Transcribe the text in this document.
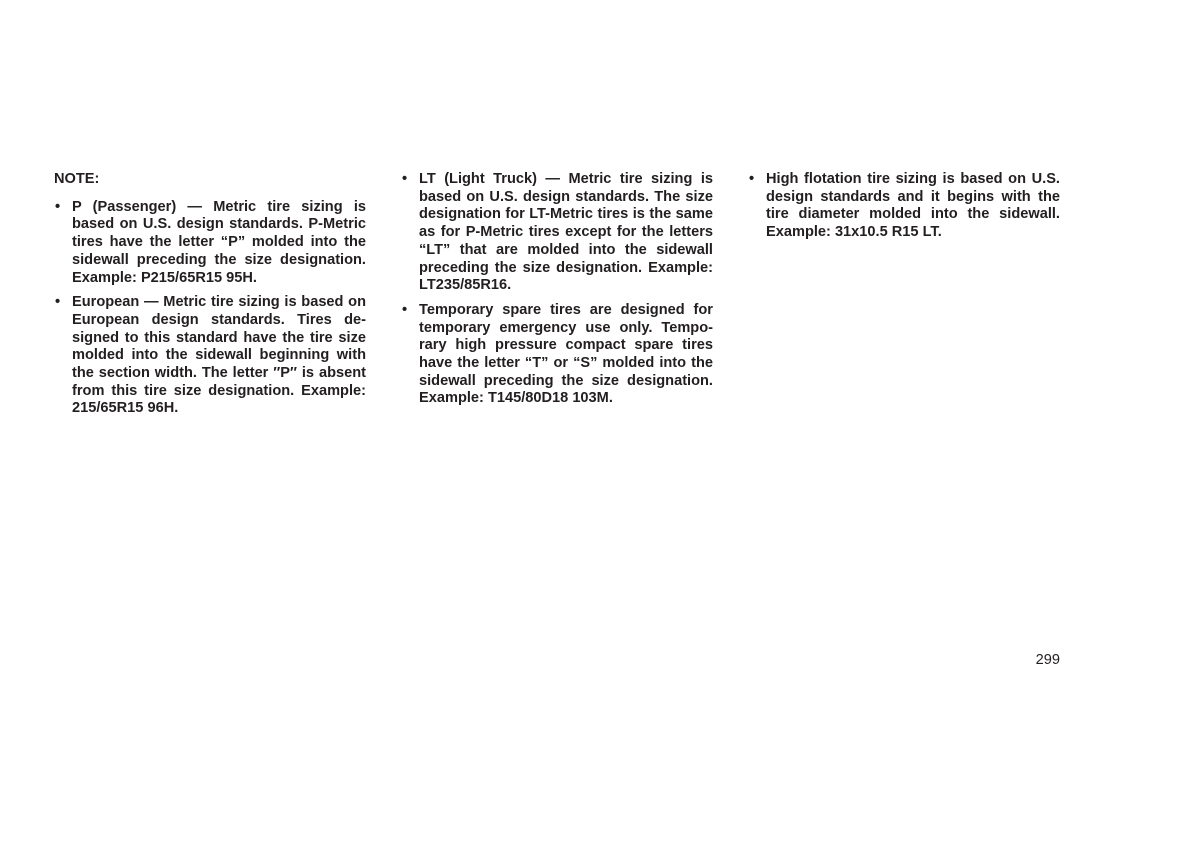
NOTE:
• P (Passenger) — Metric tire sizing is based on U.S. design standards. P-Metric tires have the letter “P” molded into the sidewall preceding the size designation. Example: P215/65R15 95H.
• European — Metric tire sizing is based on European design standards. Tires designed to this standard have the tire size molded into the sidewall beginning with the section width. The letter ″P″ is absent from this tire size designation. Example: 215/65R15 96H.
• LT (Light Truck) — Metric tire sizing is based on U.S. design standards. The size designation for LT-Metric tires is the same as for P-Metric tires except for the letters “LT” that are molded into the sidewall preceding the size designation. Example: LT235/85R16.
• Temporary spare tires are designed for temporary emergency use only. Temporary high pressure compact spare tires have the letter “T” or “S” molded into the sidewall preceding the size designation. Example: T145/80D18 103M.
• High flotation tire sizing is based on U.S. design standards and it begins with the tire diameter molded into the sidewall. Example: 31x10.5 R15 LT.
299
